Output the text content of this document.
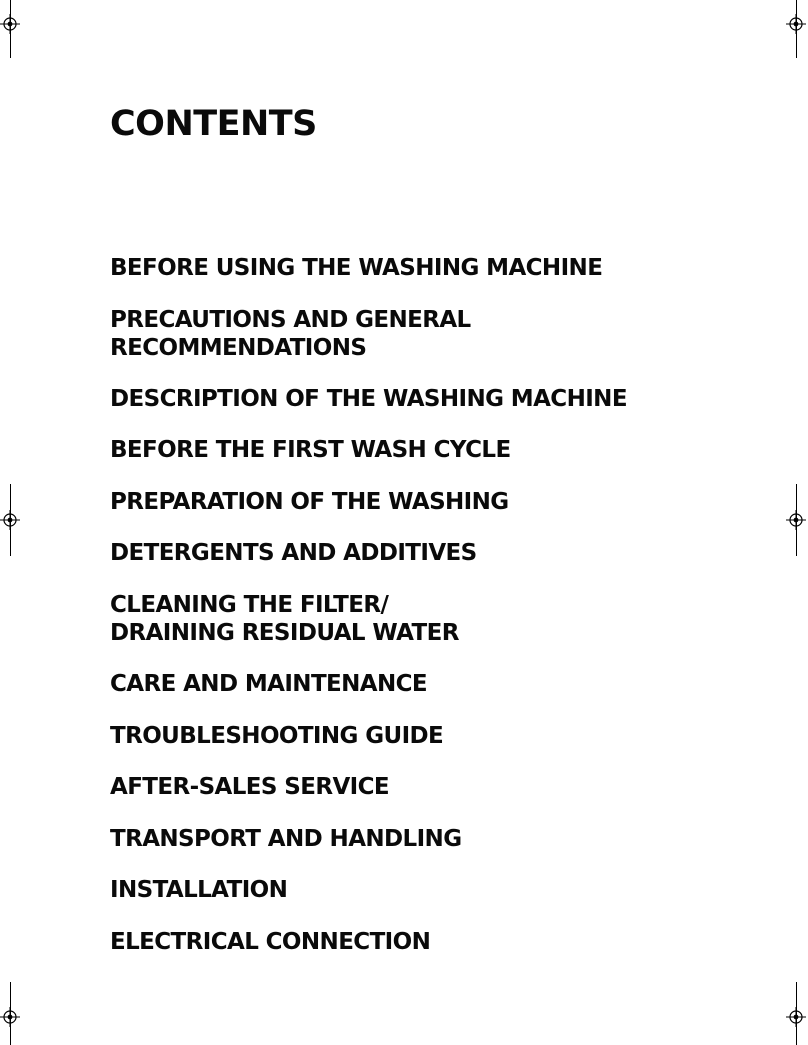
CONTENTS
BEFORE USING THE WASHING MACHINE
PRECAUTIONS AND GENERAL
RECOMMENDATIONS
DESCRIPTION OF THE WASHING MACHINE
BEFORE THE FIRST WASH CYCLE
PREPARATION OF THE WASHING
DETERGENTS AND ADDITIVES
CLEANING THE FILTER/
DRAINING RESIDUAL WATER
CARE AND MAINTENANCE
TROUBLESHOOTING GUIDE
AFTER-SALES SERVICE
TRANSPORT AND HANDLING
INSTALLATION
ELECTRICAL CONNECTION
